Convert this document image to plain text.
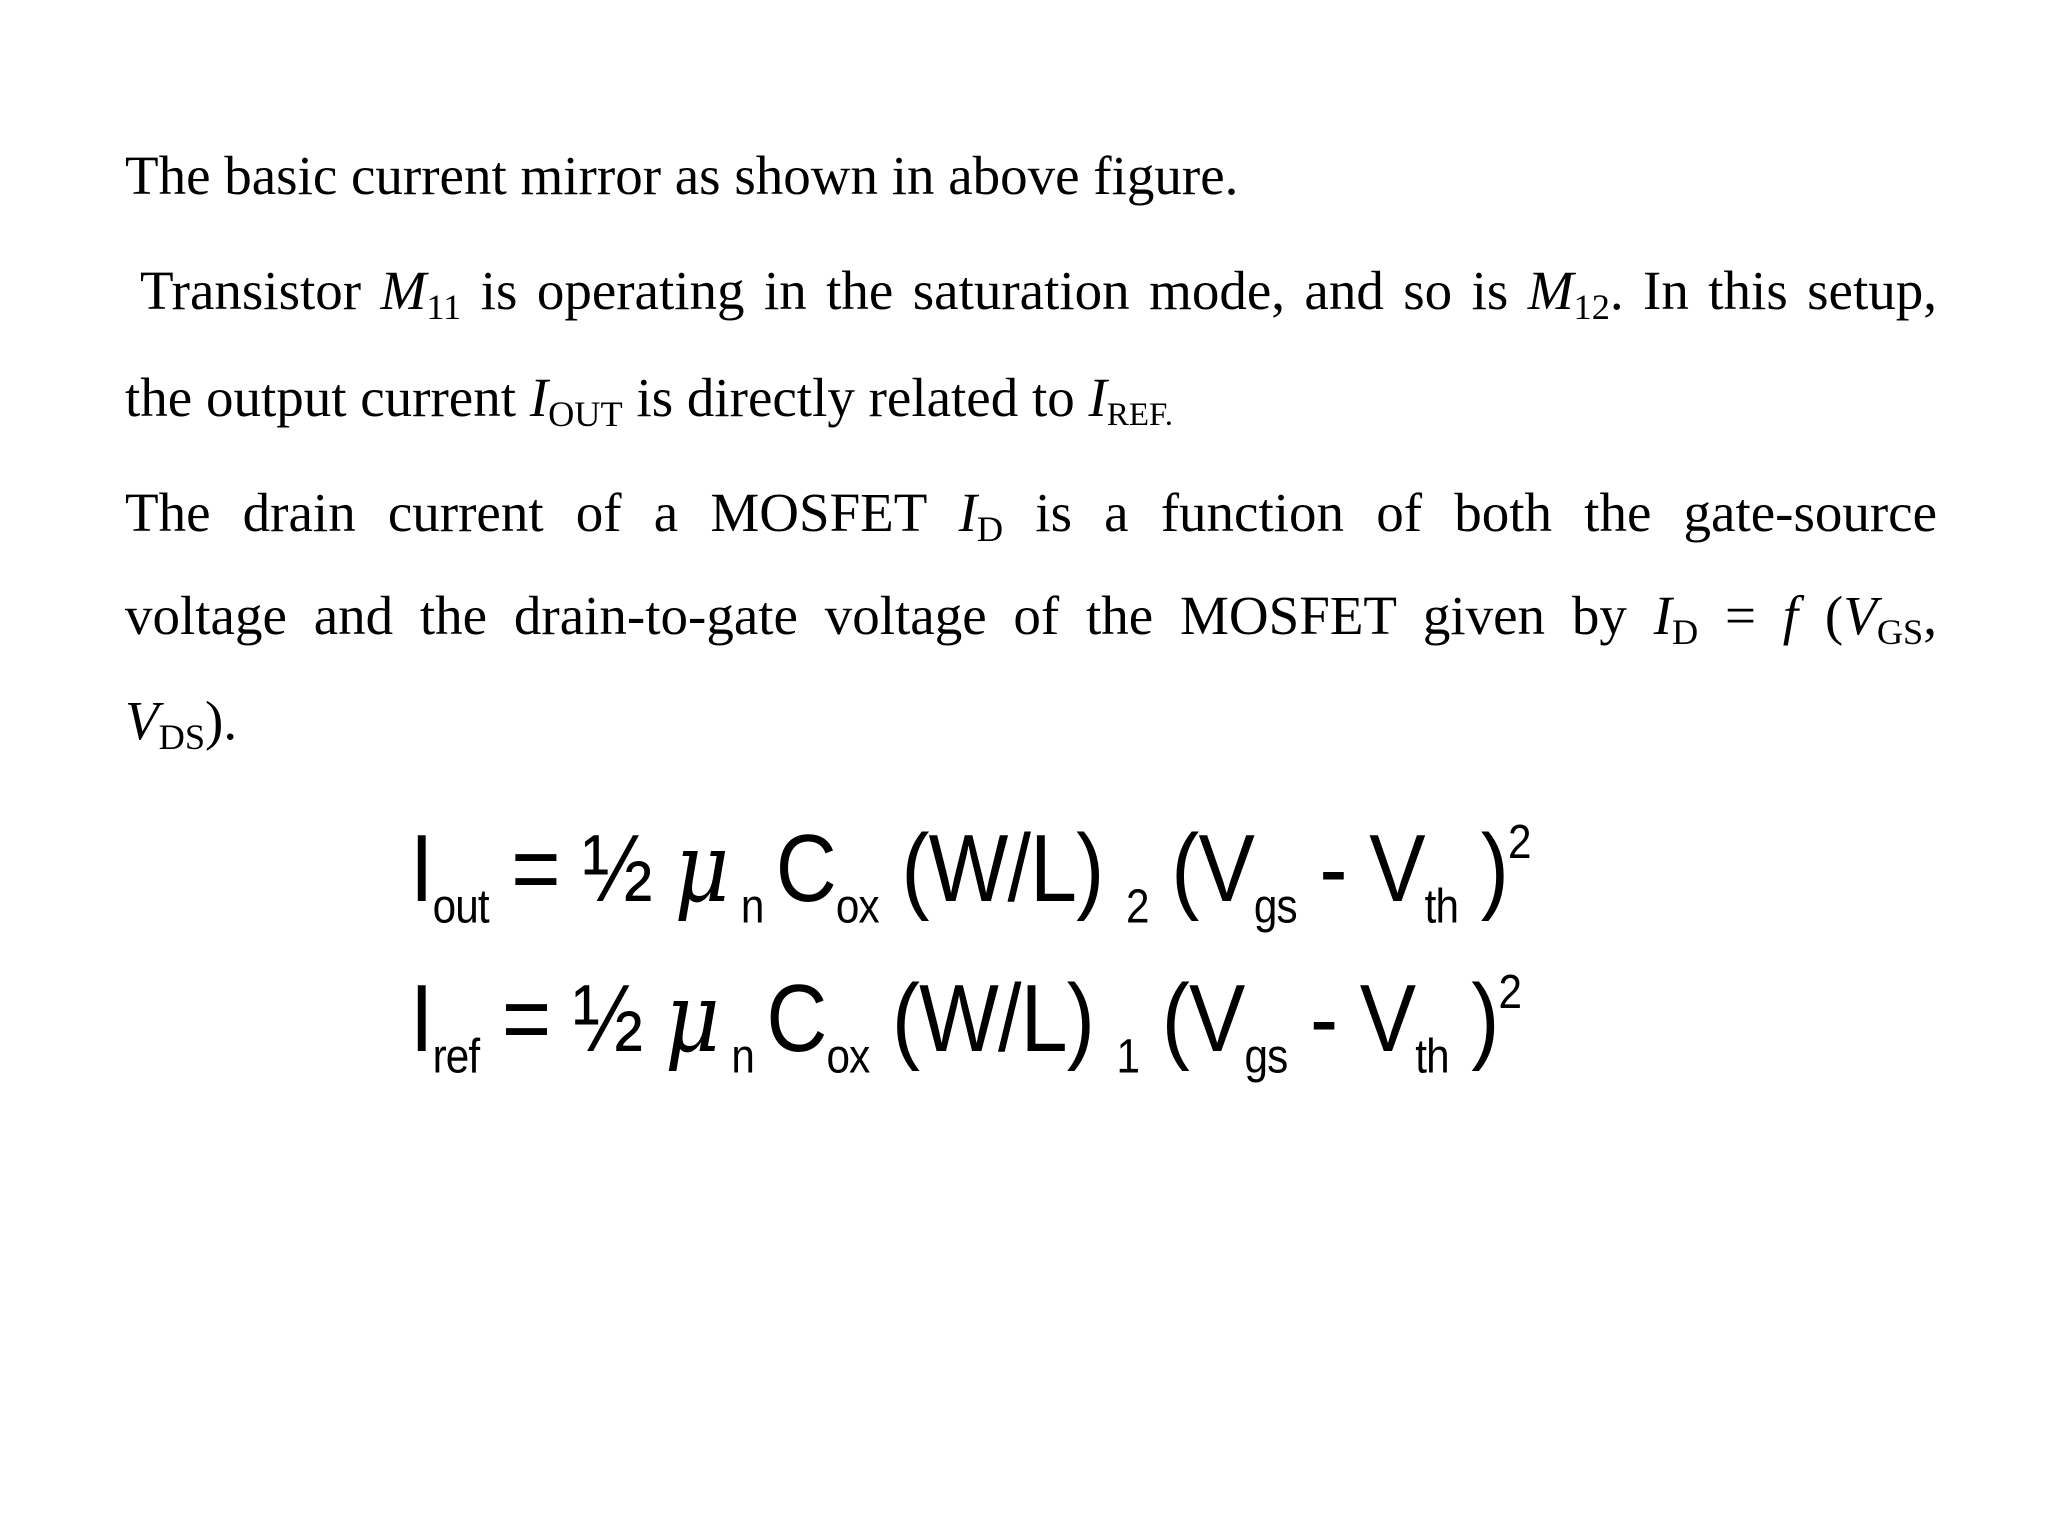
The basic current mirror as shown in above figure.
Transistor $M_{11}$ is operating in the saturation mode, and so is $M_{12}$. In this setup,
the output current $I_{OUT}$ is directly related to $I_{REF.}$
The drain current of a MOSFET $I_D$ is a function of both the gate-source
voltage and the drain-to-gate voltage of the MOSFET given by $I_D = f$ ($V_{GS}$,
$V_{DS}$).
$I_{out}$ = ½ μ $_n$ $C_{ox}$ (W/L) $_2$ ($V_{gs} - V_{th}$ )$^2$
$I_{ref}$ = ½ μ $_n$ $C_{ox}$ (W/L) $_1$ ($V_{gs} - V_{th}$ )$^2$
